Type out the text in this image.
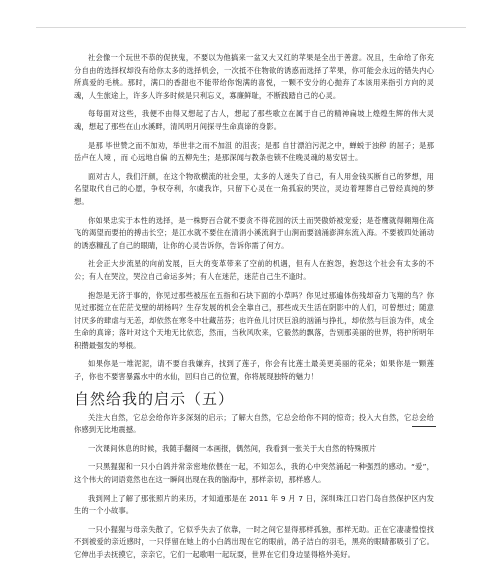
社会像一个玩世不恭的促狭鬼，不要以为他搞来一盆又大又红的苹果是全出于善意。况且，生命给了你充分自由的选择权却没有给你太多的选择机会，一次抵不住物欲的诱惑而选择了苹果，你可能会永远的错失内心所真爱的毛桃。那时，满口的香甜也不能带给你饱满的喜悦，一颗不安分的心抛弃了本该用来指引方向的灵魂，人生旅途上，许多人许多时候是只利忘义，寡廉鲜耻，不断践踏自己的心灵。

每每面对这些，我便不由得又想起了古人，想起了那些歌立在属于自己的精神扁坡上煌煌生辉的伟大灵魂，想起了那些在山水溪畔，清风明月间探寻生命真谛的身影。

是那 毕世赞之而不加劝，举世非之而不加沮 的沮丧；是那 自甘漂泊污泥之中，蝉蜕于浊秽 的屈子；是那 岳卢在人境 ，而 心远地自偏 的五柳先生；是那深闻与教条也锁不住晚灵魂的易安居士。

面对古人，我们汗颜，在这个物欲横流的社会里，太多的人迷失了自己，有人用金钱买断自己的梦想，用名望取代自己的心愿，争权夺利，尔虞我诈，只留下心灵在一角孤寂的哭泣，灵边着埋葬自己曾经真纯的梦想。

你如果忠实于本性的选择，是一株野百合就不要贪不得花园的沃土而哭傲娇被宠爱；是苍鹰就得翱翔住高飞的渴望而要拍的搏击长空；是江水就不要住在清涓小溪流涧于山涧而要汹涌澎湃东流入海。不要被四处涌动的诱惑糠乱了自己的眼睛，让你的心灵告诉你，告诉你需了何方。

社会正大步流星的向前发展，巨大的变革带来了空前的机遇，但有人在抱怨，抱怨这个社会有太多的不公；有人在哭泣，哭泣自己命运多舛；有人在迷茫，迷茫自己生不逢时。

抱怨是无济于事的，你见过那些被压在五指和石块下面的小草吗？你见过那遍体伤残却奋力飞翔的鸟？你见过那挺立在茫茫戈壁的胡杨吗？生存发展的机会全靠自己，那些成天生活在阴影中的人们，可曾想过；随意讨厌多的肆虐与无恙，却依然在寒冬中壮藏茁芬；也许鱼儿讨厌巨浪的汹涌与挣扎，却依然与巨浪为伴，成全生命的真谛；落叶对这个天地无比依恋，然而，当秋风吹来，它毅然的飘落，告别那美丽的世界，将护所明年积攒最强发的琴根。

如果你是一堆泥泥，请不要自我嫌弃，找到了莲子，你会有比莲土最美更美丽的花朵；如果你是一颗莲子，你也不要害暴露水中的水仙，回归自己的位置，你将展现独特的魅力！

自然给我的启示（五）

关注大自然，它总会给你许多深刻的启示；了解大自然，它总会给你不同的惊奇；投入大自然，它总会给你感到无比地震撼。

一次课间休息的时候，我随手翻阅一本画报，偶然间，我看到一张关于大自然的特殊照片

一只黑猩猩和一只小白鸽并常亲密地依偎在一起，不知怎么，我的心中突然涌起一种强烈的感动。“爱”，这个伟大的词语竟然也在这一瞬间出现在我的脑海中，那样亲切，那样感人。

我到网上了解了那张照片的来历，才知道那是在 2011 年 9 月 7 日，深圳珠江口岩门岛自然保护区内发生的一个小故事。

一只小猩猩与母亲失散了，它似乎失去了依靠，一时之间它显得那样孤独，那样无助。正在它凄凄惶惶找不到被爱的亲近感时，一只俘留在她上的小白鸽出现在它的眼前，鸽子洁白的羽毛，黑亮的眼睛都吸引了它。它伸出手去抚摸它，亲亲它，它们一起歌唱一起玩耍，世界在它们身边显得格外美好。
